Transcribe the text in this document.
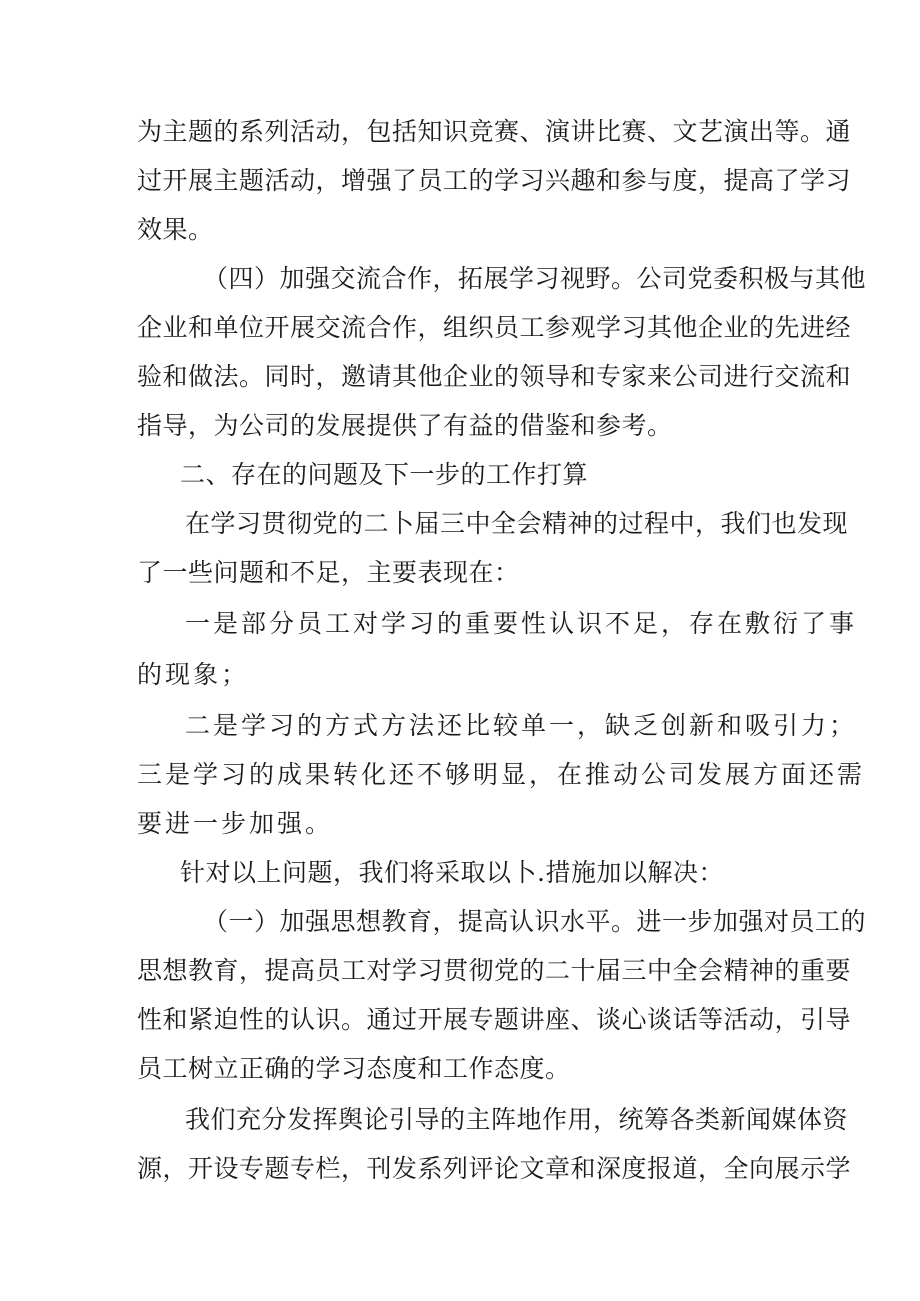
为主题的系列活动，包括知识竞赛、演讲比赛、文艺演出等。通
过开展主题活动，增强了员工的学习兴趣和参与度，提高了学习
效果。
（四）加强交流合作，拓展学习视野。公司党委积极与其他
企业和单位开展交流合作，组织员工参观学习其他企业的先进经
验和做法。同时，邀请其他企业的领导和专家来公司进行交流和
指导，为公司的发展提供了有益的借鉴和参考。
二、存在的问题及下一步的工作打算
在学习贯彻党的二卜届三中全会精神的过程中，我们也发现
了一些问题和不足，主要表现在：
一是部分员工对学习的重要性认识不足，存在敷衍了事
的现象；
二是学习的方式方法还比较单一，缺乏创新和吸引力；
三是学习的成果转化还不够明显，在推动公司发展方面还需
要进一步加强。
针对以上问题，我们将采取以卜.措施加以解决：
（一）加强思想教育，提高认识水平。进一步加强对员工的
思想教育，提高员工对学习贯彻党的二十届三中全会精神的重要
性和紧迫性的认识。通过开展专题讲座、谈心谈话等活动，引导
员工树立正确的学习态度和工作态度。
我们充分发挥舆论引导的主阵地作用，统筹各类新闻媒体资
源，开设专题专栏，刊发系列评论文章和深度报道，全向展示学
